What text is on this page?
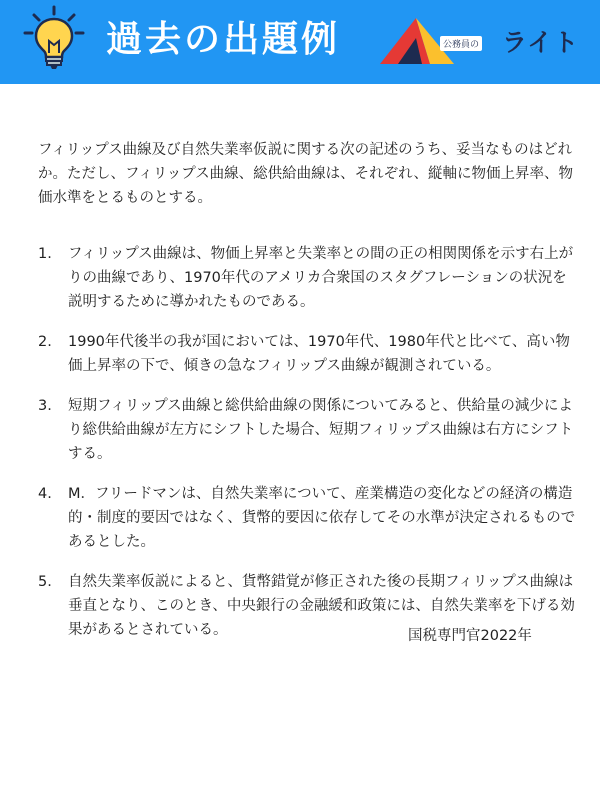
過去の出題例	公務員の ライト

フィリップス曲線及び自然失業率仮説に関する次の記述のうち、妥当なものはどれか。ただし、フィリップス曲線、総供給曲線は、それぞれ、縦軸に物価上昇率、物価水準をとるものとする。

1. フィリップス曲線は、物価上昇率と失業率との間の正の相関関係を示す右上がりの曲線であり、1970年代のアメリカ合衆国のスタグフレーションの状況を説明するために導かれたものである。
2. 1990年代後半の我が国においては、1970年代、1980年代と比べて、高い物価上昇率の下で、傾きの急なフィリップス曲線が観測されている。
3. 短期フィリップス曲線と総供給曲線の関係についてみると、供給量の減少により総供給曲線が左方にシフトした場合、短期フィリップス曲線は右方にシフトする。
4. M．フリードマンは、自然失業率について、産業構造の変化などの経済の構造的・制度的要因ではなく、貨幣的要因に依存してその水準が決定されるものであるとした。
5. 自然失業率仮説によると、貨幣錯覚が修正された後の長期フィリップス曲線は垂直となり、このとき、中央銀行の金融緩和政策には、自然失業率を下げる効果があるとされている。	国税専門官2022年
